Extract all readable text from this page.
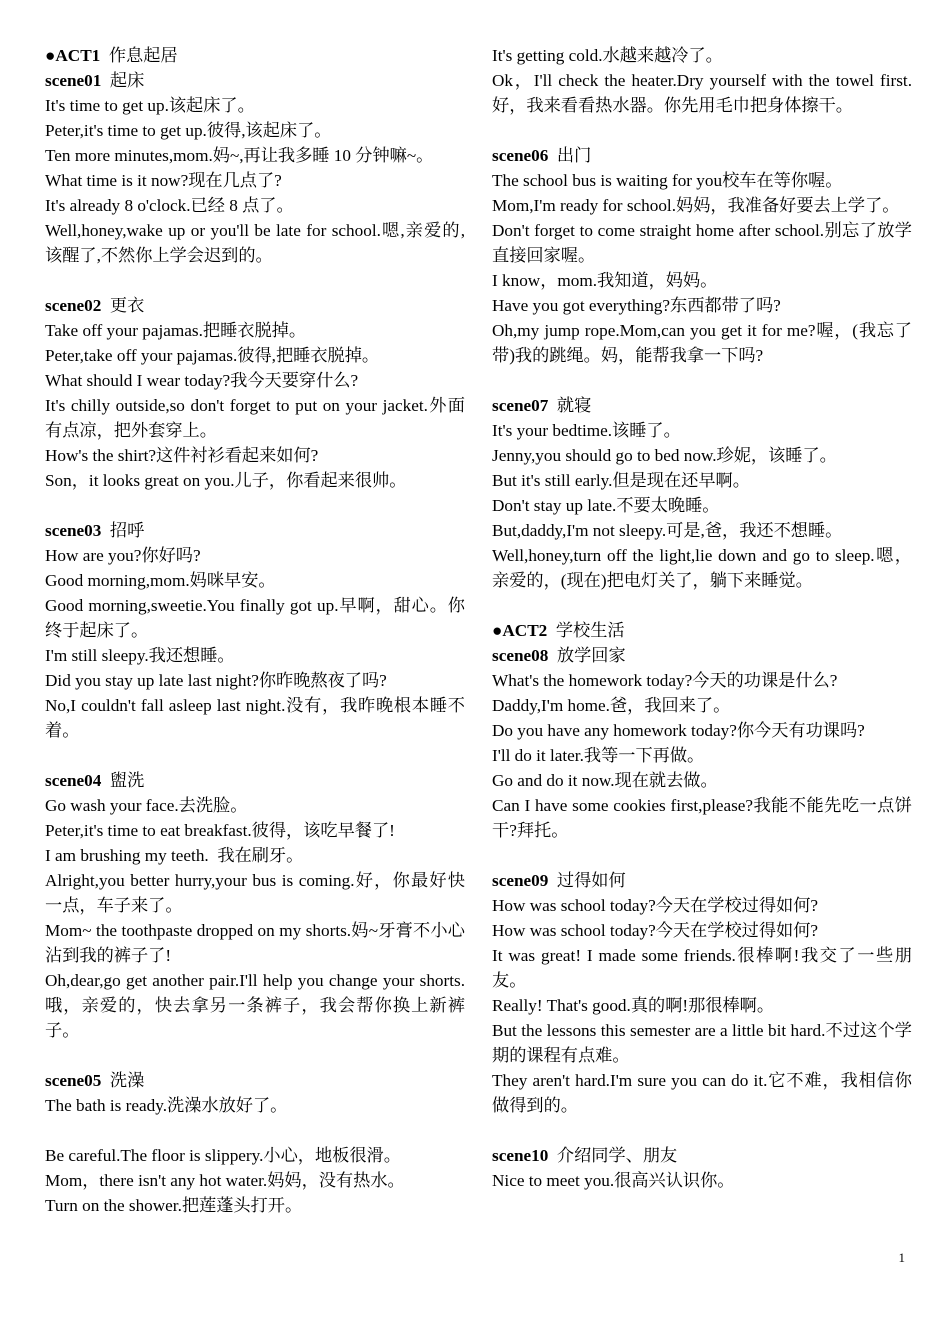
●ACT1 作息起居
scene01 起床
It's time to get up.该起床了。
Peter,it's time to get up.彼得,该起床了。
Ten more minutes,mom.妈~,再让我多睡 10 分钟嘛~。
What time is it now?现在几点了?
It's already 8 o'clock.已经 8 点了。
Well,honey,wake up or you'll be late for school.嗯,亲爱的,该醒了,不然你上学会迟到的。
scene02 更衣
Take off your pajamas.把睡衣脱掉。
Peter,take off your pajamas.彼得,把睡衣脱掉。
What should I wear today?我今天要穿什么?
It's chilly outside,so don't forget to put on your jacket.外面有点凉，把外套穿上。
How's the shirt?这件衬衫看起来如何?
Son，it looks great on you.儿子，你看起来很帅。
scene03 招呼
How are you?你好吗?
Good morning,mom.妈咪早安。
Good morning,sweetie.You finally got up.早啊，甜心。你终于起床了。
I'm still sleepy.我还想睡。
Did you stay up late last night?你昨晚熬夜了吗?
No,I couldn't fall asleep last night.没有，我昨晚根本睡不着。
scene04 盥洗
Go wash your face.去洗脸。
Peter,it's time to eat breakfast.彼得，该吃早餐了!
I am brushing my teeth.  我在刷牙。
Alright,you better hurry,your bus is coming.好，你最好快一点，车子来了。
Mom~ the toothpaste dropped on my shorts.妈~牙膏不小心沾到我的裤子了!
Oh,dear,go get another pair.I'll help you change your shorts.哦，亲爱的，快去拿另一条裤子，我会帮你换上新裤子。
scene05 洗澡
The bath is ready.洗澡水放好了。
Be careful.The floor is slippery.小心，地板很滑。
Mom，there isn't any hot water.妈妈，没有热水。
Turn on the shower.把莲蓬头打开。
It's getting cold.水越来越冷了。
Ok，I'll check the heater.Dry yourself with the towel first.好，我来看看热水器。你先用毛巾把身体擦干。
scene06 出门
The school bus is waiting for you校车在等你喔。
Mom,I'm ready for school.妈妈，我准备好要去上学了。
Don't forget to come straight home after school.别忘了放学直接回家喔。
I know，mom.我知道，妈妈。
Have you got everything?东西都带了吗?
Oh,my jump rope.Mom,can you get it for me?喔，(我忘了带)我的跳绳。妈，能帮我拿一下吗?
scene07 就寝
It's your bedtime.该睡了。
Jenny,you should go to bed now.珍妮，该睡了。
But it's still early.但是现在还早啊。
Don't stay up late.不要太晚睡。
But,daddy,I'm not sleepy.可是,爸，我还不想睡。
Well,honey,turn off the light,lie down and go to sleep.嗯，亲爱的，(现在)把电灯关了，躺下来睡觉。
●ACT2 学校生活
scene08 放学回家
What's the homework today?今天的功课是什么?
Daddy,I'm home.爸，我回来了。
Do you have any homework today?你今天有功课吗?
I'll do it later.我等一下再做。
Go and do it now.现在就去做。
Can I have some cookies first,please?我能不能先吃一点饼干?拜托。
scene09 过得如何
How was school today?今天在学校过得如何?
How was school today?今天在学校过得如何?
It was great! I made some friends.很棒啊!我交了一些朋友。
Really! That's good.真的啊!那很棒啊。
But the lessons this semester are a little bit hard.不过这个学期的课程有点难。
They aren't hard.I'm sure you can do it.它不难，我相信你做得到的。
scene10 介绍同学、朋友
Nice to meet you.很高兴认识你。
1
